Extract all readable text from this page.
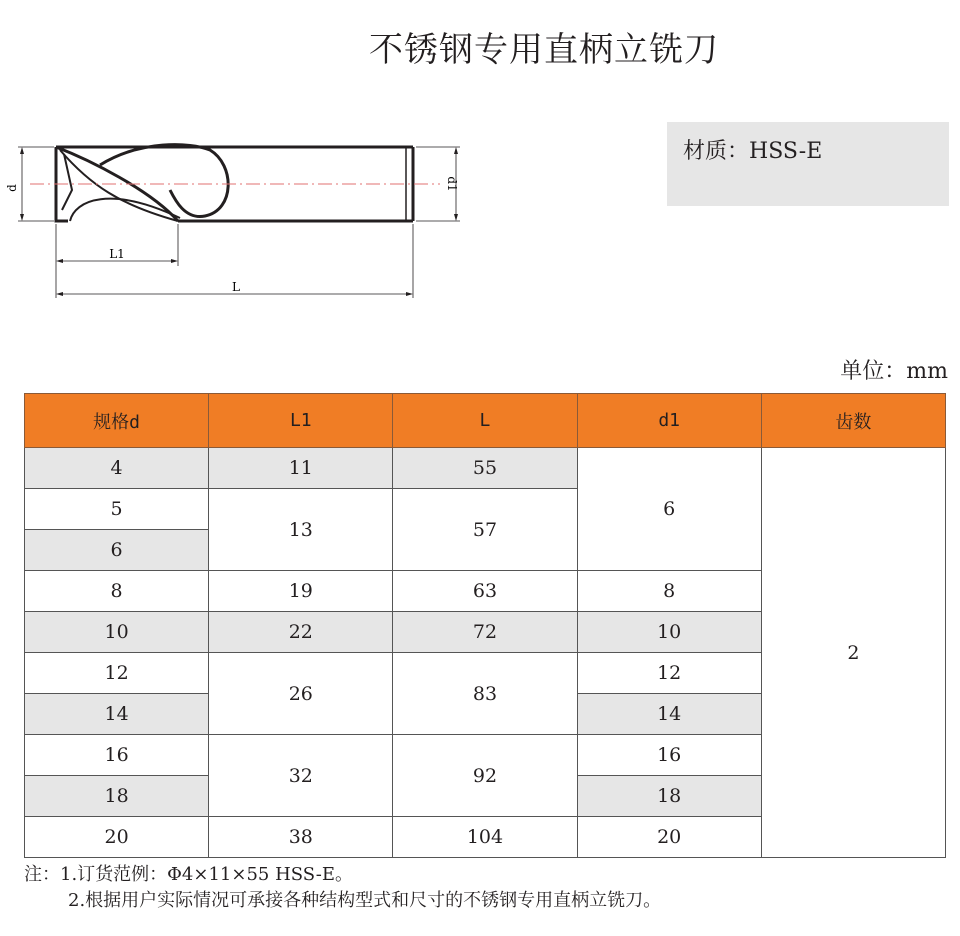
不锈钢专用直柄立铣刀
d	d1
L1
L
材质：HSS-E
单位：mm
规格d	L1	L	d1	齿数
4	11	55	6	2
5	13	57		
6				
8	19	63	8	
10	22	72	10	
12	26	83	12	
14			14	
16	32	92	16	
18			18	
20	38	104	20	
注：1.订货范例：Φ4×11×55 HSS-E。
2.根据用户实际情况可承接各种结构型式和尺寸的不锈钢专用直柄立铣刀。
